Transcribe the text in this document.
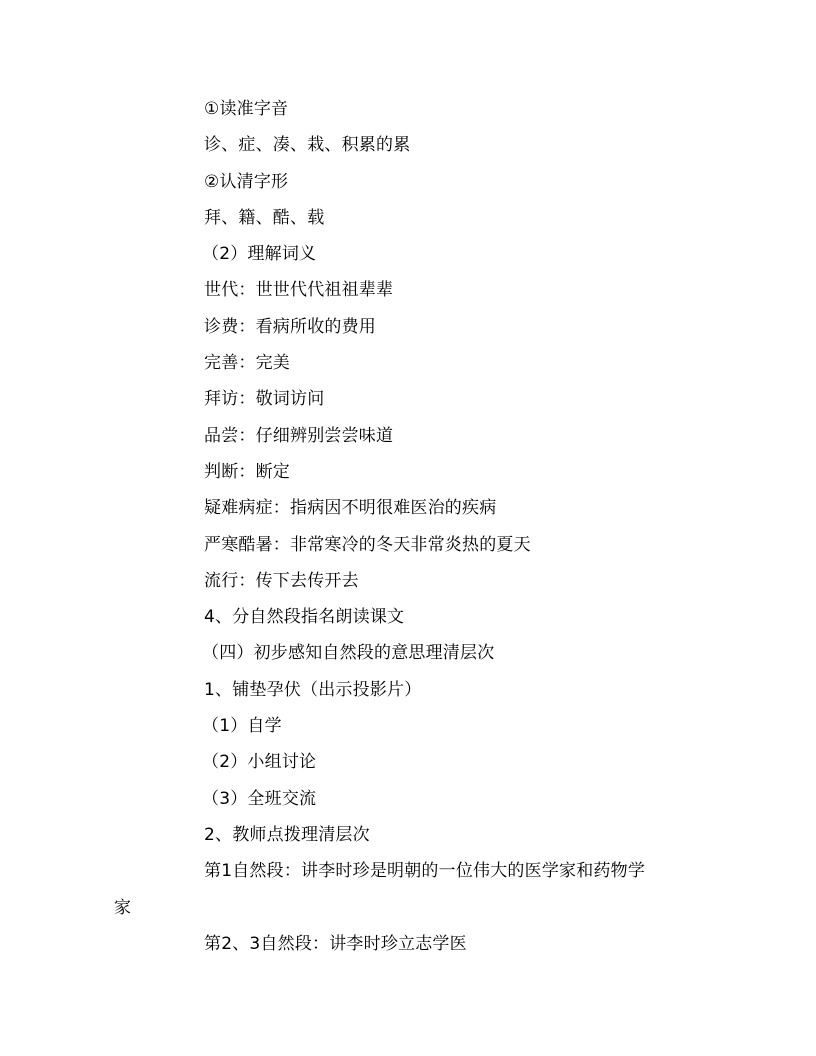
①读准字音
诊、症、凑、栽、积累的累
②认清字形
拜、籍、酷、载
（2）理解词义
世代：世世代代祖祖辈辈
诊费：看病所收的费用
完善：完美
拜访：敬词访问
品尝：仔细辨别尝尝味道
判断：断定
疑难病症：指病因不明很难医治的疾病
严寒酷暑：非常寒冷的冬天非常炎热的夏天
流行：传下去传开去
4、分自然段指名朗读课文
（四）初步感知自然段的意思理清层次
1、铺垫孕伏（出示投影片）
（1）自学
（2）小组讨论
（3）全班交流
2、教师点拨理清层次
第1自然段：讲李时珍是明朝的一位伟大的医学家和药物学
家
第2、3自然段：讲李时珍立志学医
